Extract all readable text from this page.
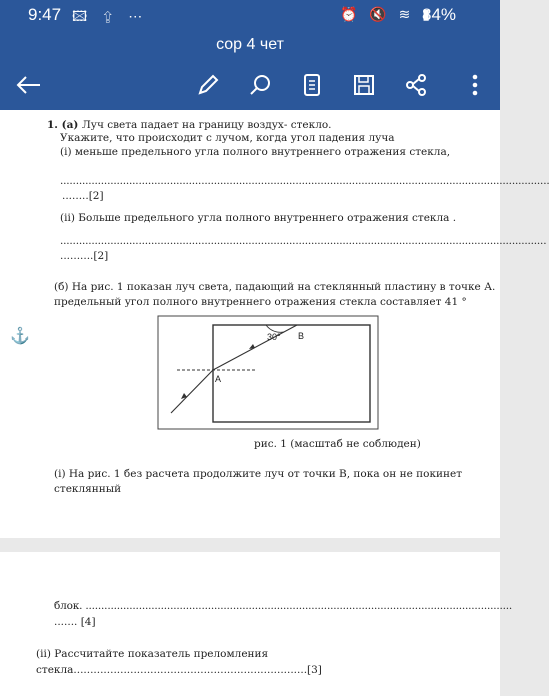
9:47 🖾 ⇪ ⋯	⏰ 🔇 ≋ ▮
84%
сор 4 чет
1. (a) Луч света падает на границу воздух- стекло.
Укажите, что происходит с лучом, когда угол падения луча
(i) меньше предельного угла полного внутреннего отражения стекла,
............................................................................................................................................................
........[2]
(ii) Больше предельного угла полного внутреннего отражения стекла .
...........................................................................................................................................................
..........[2]
(б) На рис. 1 показан луч света, падающий на стеклянный пластину в точке А.
предельный угол полного внутреннего отражения стекла составляет 41 °
⚓	30° B
A
рис. 1 (масштаб не соблюден)
(i) На рис. 1 без расчета продолжите луч от точки В, пока он не покинет
стеклянный
блок. ........................................................................................................................................
....... [4]
(ii) Рассчитайте показатель преломления
стекла......................................................................[3]
